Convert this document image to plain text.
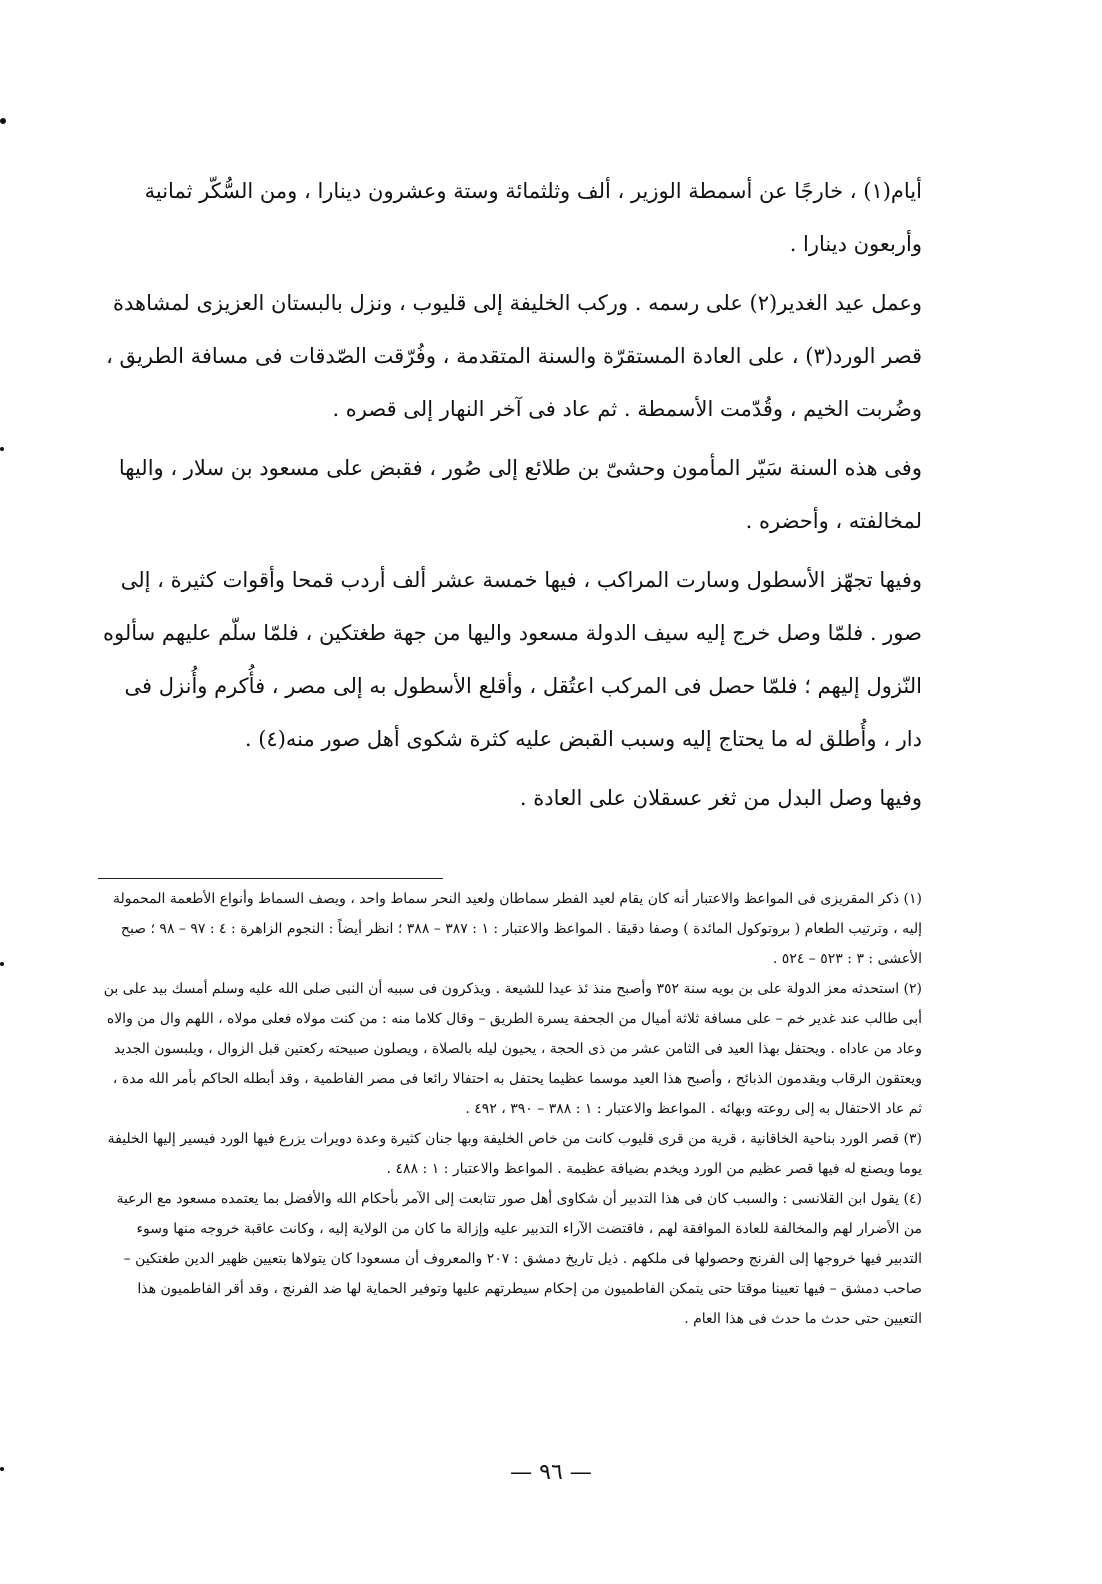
أيام(١) ، خارجًا عن أسمطة الوزير ، ألف وثلثمائة وستة وعشرون دينارا ، ومن السُّكّر ثمانية وأربعون دينارا .

وعمل عيد الغدير(٢) على رسمه . وركب الخليفة إلى قليوب ، ونزل بالبستان العزيزى لمشاهدة قصر الورد(٣) ، على العادة المستقرّة والسنة المتقدمة ، وفُرّقت الصّدقات فى مسافة الطريق ، وضُربت الخيم ، وقُدّمت الأسمطة . ثم عاد فى آخر النهار إلى قصره .

وفى هذه السنة سَيّر المأمون وحشىّ بن طلائع إلى صُور ، فقبض على مسعود بن سلار ، واليها لمخالفته ، وأحضره .

وفيها تجهّز الأسطول وسارت المراكب ، فيها خمسة عشر ألف أردب قمحا وأقوات كثيرة ، إلى صور . فلمّا وصل خرج إليه سيف الدولة مسعود واليها من جهة طغتكين ، فلمّا سلّم عليهم سألوه النّزول إليهم ؛ فلمّا حصل فى المركب اعتُقل ، وأقلع الأسطول به إلى مصر ، فأُكرم وأُنزل فى دار ، وأُطلق له ما يحتاج إليه وسبب القبض عليه كثرة شكوى أهل صور منه(٤) .

وفيها وصل البدل من ثغر عسقلان على العادة .

(١) ذكر المقريزى فى المواعظ والاعتبار أنه كان يقام لعيد الفطر سماطان ولعيد النحر سماط واحد ، ويصف السماط وأنواع الأطعمة المحمولة إليه ، وترتيب الطعام ( بروتوكول المائدة ) وصفا دقيقا . المواعظ والاعتبار : ١ : ٣٨٧ – ٣٨٨ ؛ انظر أيضاً : النجوم الزاهرة : ٤ : ٩٧ – ٩٨ ؛ صبح الأعشى : ٣ : ٥٢٣ – ٥٢٤ .

(٢) استحدثه معز الدولة على بن بويه سنة ٣٥٢ وأصبح منذ ئذ عيدا للشيعة . ويذكرون فى سببه أن النبى صلى الله عليه وسلم أمسك بيد على بن أبى طالب عند غدير خم – على مسافة ثلاثة أميال من الجحفة يسرة الطريق – وقال كلاما منه : من كنت مولاه فعلى مولاه ، اللهم وال من والاه وعاد من عاداه . ويحتفل بهذا العيد فى الثامن عشر من ذى الحجة ، يحيون ليله بالصلاة ، ويصلون صبيحته ركعتين قبل الزوال ، ويلبسون الجديد ويعتقون الرقاب ويقدمون الذبائح ، وأصبح هذا العيد موسما عظيما يحتفل به احتفالا رائعا فى مصر الفاطمية ، وقد أبطله الحاكم بأمر الله مدة ، ثم عاد الاحتفال به إلى روعته وبهائه . المواعظ والاعتبار : ١ : ٣٨٨ – ٣٩٠ ، ٤٩٢ .

(٣) قصر الورد بناحية الخاقانية ، قرية من قرى قليوب كانت من خاص الخليفة وبها جنان كثيرة وعدة دويرات يزرع فيها الورد فيسير إليها الخليفة يوما ويصنع له فيها قصر عظيم من الورد ويخدم بضيافة عظيمة . المواعظ والاعتبار : ١ : ٤٨٨ .

(٤) يقول ابن القلانسى : والسبب كان فى هذا التدبير أن شكاوى أهل صور تتابعت إلى الآمر بأحكام الله والأفضل بما يعتمده مسعود مع الرعية من الأضرار لهم والمخالفة للعادة الموافقة لهم ، فاقتضت الآراء التدبير عليه وإزالة ما كان من الولاية إليه ، وكانت عاقبة خروجه منها وسوء التدبير فيها خروجها إلى الفرنج وحصولها فى ملكهم . ذيل تاريخ دمشق : ٢٠٧ والمعروف أن مسعودا كان يتولاها بتعيين ظهير الدين طغتكين – صاحب دمشق – فيها تعيينا موقتا حتى يتمكن الفاطميون من إحكام سيطرتهم عليها وتوفير الحماية لها ضد الفرنج ، وقد أقر الفاطميون هذا التعيين حتى حدث ما حدث فى هذا العام .

— ٩٦ —
